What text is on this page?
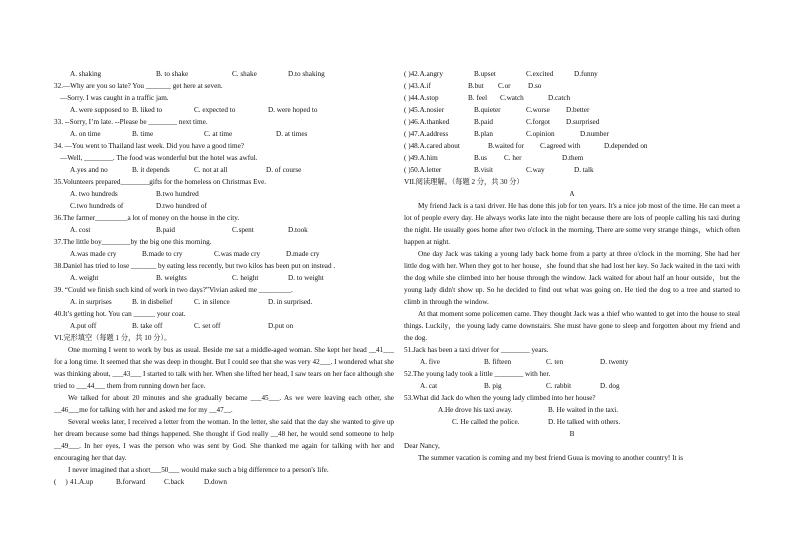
A. shaking	B. to shake	C. shake	D.to shaking
32.—Why are you so late? You _______ get here at seven.
—Sorry. I was caught in a traffic jam.
A. were supposed to B. liked to	C. expected to	D. were hoped to
33. --Sorry, I’m late. --Please be ________ next time.
A. on time	B. time	C. at time	D. at times
34. —You went to Thailand last week. Did you have a good time?
—Well, ________. The food was wonderful but the hotel was awful.
A.yes and no	B. it depends	C. not at all	D. of course
35.Volunteers prepared________gifts for the homeless on Christmas Eve.
A. two hundreds	B.two hundred
C.two hundreds of	D.two hundred of
36.The farmer_________a lot of money on the house in the city.
A. cost	B.paid	C.spent	D.took
37.The little boy________by the big one this morning.
A.was made cry	B.made to cry	C.was made cry	D.made cry
38.Daniel has tried to lose _______ by eating less recently, but two kilos has been put on instead .
A. weight	B. weights	C. height	D. to weight
39. “Could we finish such kind of work in two days?”Vivian asked me _________.
A. in surprises	B. in disbelief	C. in silence	D. in surprised.
40.It’s getting hot. You can ______ your coat.
A.put off	B. take off	C. set off	D.put on
VI.完形填空（每题 1 分，共 10 分）。

One morning I went to work by bus as usual. Beside me sat a middle-aged woman. She kept her head __41___ for a long time. It seemed that she was deep in thought. But I could see that she was very 42___. I wondered what she was thinking about, ___43___ I started to talk with her. When she lifted her head, I saw tears on her face although she tried to ___44___ them from running down her face.

We talked for about 20 minutes and she gradually became ___45___. As we were leaving each other, she __46___me for talking with her and asked me for my __47__.

Several weeks later, I received a letter from the woman. In the letter, she said that the day she wanted to give up her dream because some bad things happened. She thought if God really __48 her, he would send someone to help __49___. In her eyes, I was the person who was sent by God. She thanked me again for talking with her and encouraging her that day.

I never imagined that a short___50___ would make such a big difference to a person's life.

(     ) 41.A.up	B.forward	C.back	D.down
( )42.A.angry	B.upset	C.excited	D.funny
( )43.A.if	B.but	C.or	D.so
( )44.A.stop	B. feel	C.watch	D.catch
( )45.A.nosier	B.quieter	C.worse	D.better
( )46.A.thanked	B.paid	C.forgot	D.surprised
( )47.A.address	B.plan	C.opinion	D.number
( )48.A.cared about	B.waited for	C.agreed with	D.depended on
( )49.A.him	B.us	C. her	D.them
( )50.A.letter	B.visit	C.way	D. talk
VII.阅读理解。（每题 2 分，共 30 分）
A

My friend Jack is a taxi driver. He has done this job for ten years. It's a nice job most of the time. He can meet a lot of people every day. He always works late into the night because there are lots of people calling his taxi during the night. He usually goes home after two o'clock in the morning. There are some very strange things，which often happen at night.

One day Jack was taking a young lady back home from a party at three o'clock in the morning. She had her little dog with her. When they got to her house，she found that she had lost her key. So Jack waited in the taxi with the dog while she climbed into her house through the window. Jack waited for about half an hour outside，but the young lady didn't show up. So he decided to find out what was going on. He tied the dog to a tree and started to climb in through the window.

At that moment some policemen came. They thought Jack was a thief who wanted to get into the house to steal things. Luckily，the young lady came downstairs. She must have gone to sleep and forgotten about my friend and the dog.

51.Jack has been a taxi driver for ________ years.
A. five	B. fifteen	C. ten	D. twenty
52.The young lady took a little ________ with her.
A. cat	B. pig	C. rabbit	D. dog
53.What did Jack do when the young lady climbed into her house?
A.He drove his taxi away.	B. He waited in the taxi.
C. He called the police.	D. He talked with others.
B
Dear Nancy,

The summer vacation is coming and my best friend Guua is moving to another country! It is
